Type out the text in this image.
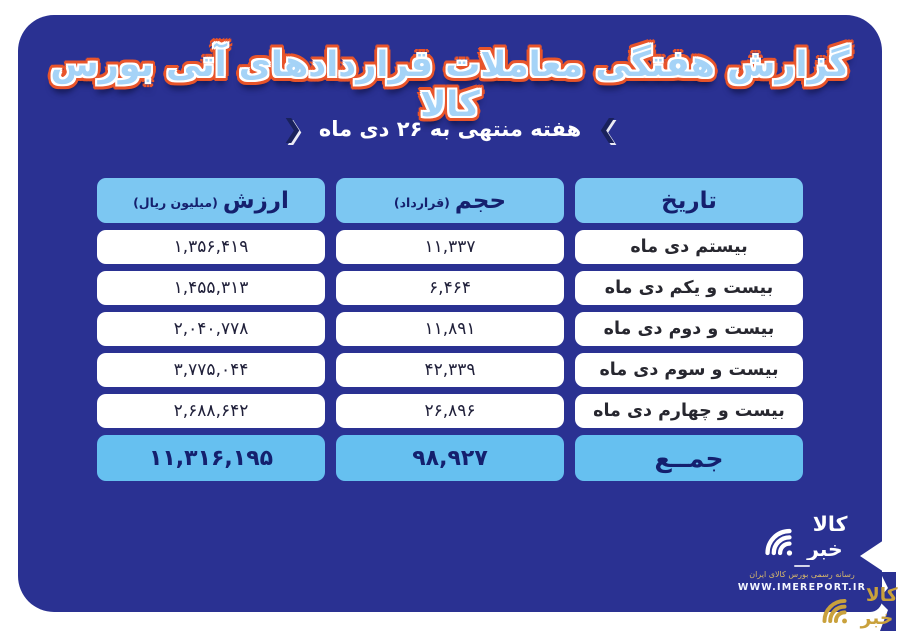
گزارش هفتگی معاملات قراردادهای آتی بورس کالا
❮هفته منتهی به ۲۶ دی ماه❯
تاریخ
حجم
(قرارداد)
ارزش
(میلیون ریال)
بیستم دی ماه
۱۱,۳۳۷
۱,۳۵۶,۴۱۹
بیست و یکم دی ماه
۶,۴۶۴
۱,۴۵۵,۳۱۳
بیست و دوم دی ماه
۱۱,۸۹۱
۲,۰۴۰,۷۷۸
بیست و سوم دی ماه
۴۲,۳۳۹
۳,۷۷۵,۰۴۴
بیست و چهارم دی ماه
۲۶,۸۹۶
۲,۶۸۸,۶۴۲
جمــع
۹۸,۹۲۷
۱۱,۳۱۶,۱۹۵
کالا
خبر
رسانه رسمی بورس کالای ایران
WWW.IMEREPORT.IR کالا
خبر
